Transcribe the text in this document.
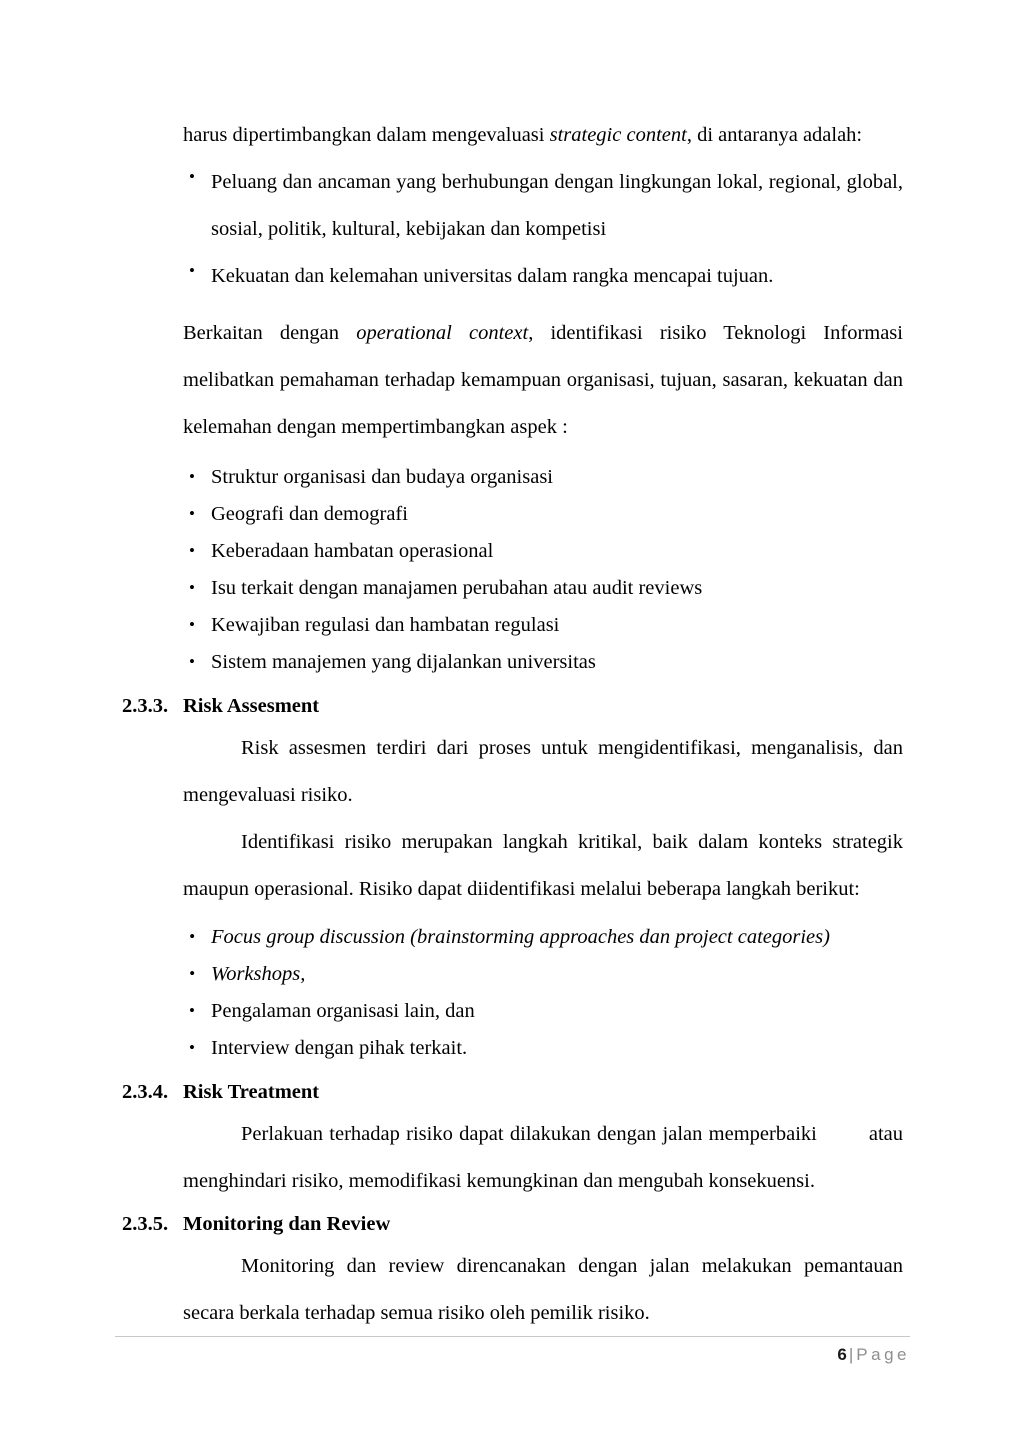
harus dipertimbangkan dalam mengevaluasi strategic content, di antaranya adalah:

• Peluang dan ancaman yang berhubungan dengan lingkungan lokal, regional, global, sosial, politik, kultural, kebijakan dan kompetisi
• Kekuatan dan kelemahan universitas dalam rangka mencapai tujuan.

Berkaitan dengan operational context, identifikasi risiko Teknologi Informasi melibatkan pemahaman terhadap kemampuan organisasi, tujuan, sasaran, kekuatan dan kelemahan dengan mempertimbangkan aspek :

• Struktur organisasi dan budaya organisasi
• Geografi dan demografi
• Keberadaan hambatan operasional
• Isu terkait dengan manajamen perubahan atau audit reviews
• Kewajiban regulasi dan hambatan regulasi
• Sistem manajemen yang dijalankan universitas
2.3.3. Risk Assesment

Risk assesmen terdiri dari proses untuk mengidentifikasi, menganalisis, dan mengevaluasi risiko.

Identifikasi risiko merupakan langkah kritikal, baik dalam konteks strategik maupun operasional. Risiko dapat diidentifikasi melalui beberapa langkah berikut:

• Focus group discussion (brainstorming approaches dan project categories)
• Workshops,
• Pengalaman organisasi lain, dan
• Interview dengan pihak terkait.
2.3.4. Risk Treatment

Perlakuan terhadap risiko dapat dilakukan dengan jalan memperbaiki	atau menghindari risiko, memodifikasi kemungkinan dan mengubah konsekuensi.

2.3.5. Monitoring dan Review

Monitoring dan review direncanakan dengan jalan melakukan pemantauan secara berkala terhadap semua risiko oleh pemilik risiko.

6 | Page
